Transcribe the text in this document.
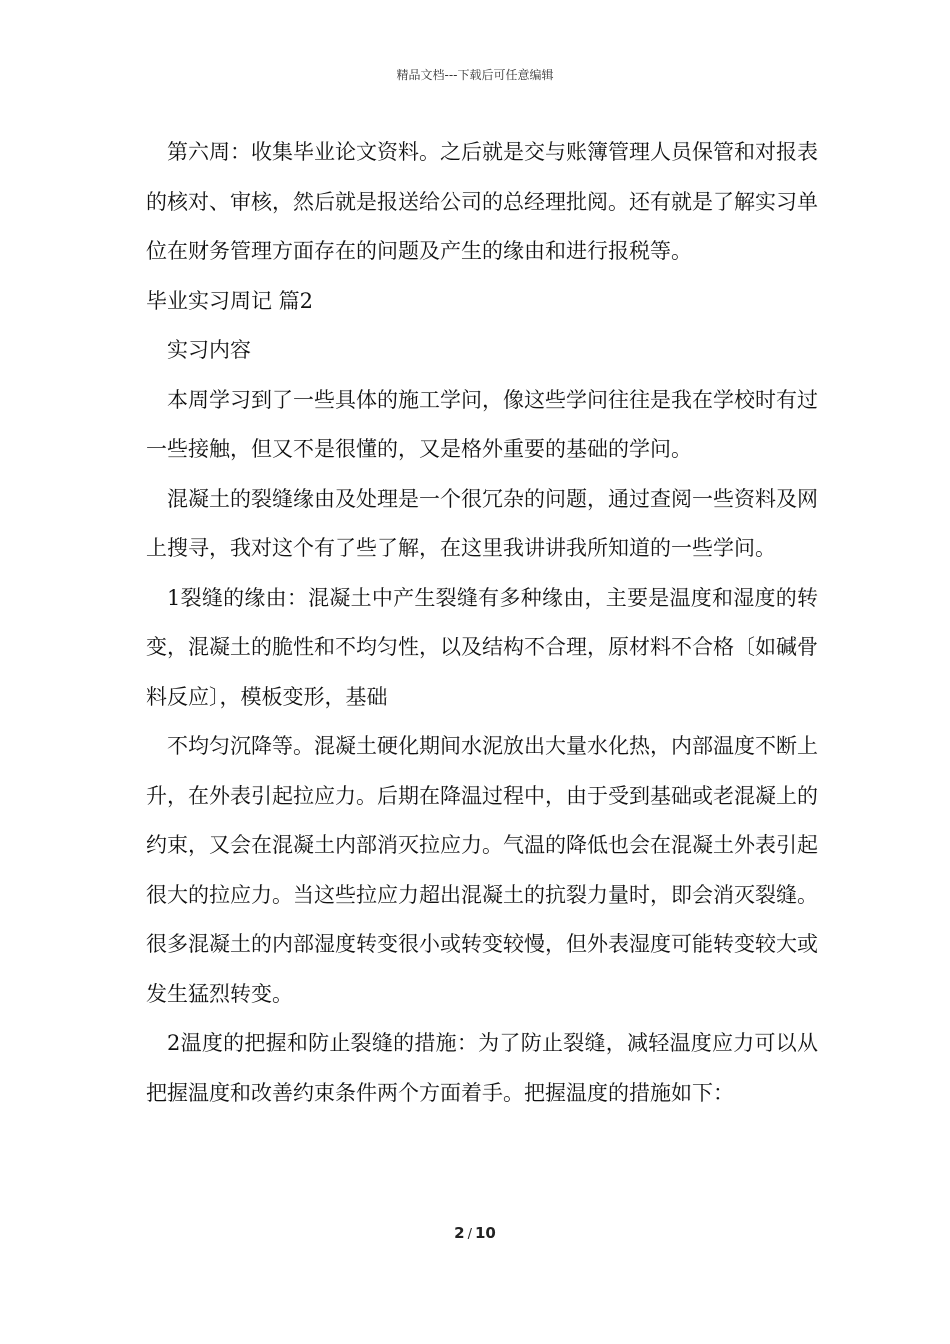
精品文档---下载后可任意编辑

第六周：收集毕业论文资料。之后就是交与账簿管理人员保管和对报表的核对、审核，然后就是报送给公司的总经理批阅。还有就是了解实习单位在财务管理方面存在的问题及产生的缘由和进行报税等。

毕业实习周记 篇2

实习内容

本周学习到了一些具体的施工学问，像这些学问往往是我在学校时有过一些接触，但又不是很懂的，又是格外重要的基础的学问。

混凝土的裂缝缘由及处理是一个很冗杂的问题，通过查阅一些资料及网上搜寻，我对这个有了些了解，在这里我讲讲我所知道的一些学问。

1裂缝的缘由：混凝土中产生裂缝有多种缘由，主要是温度和湿度的转变，混凝土的脆性和不均匀性，以及结构不合理，原材料不合格〔如碱骨料反应〕，模板变形，基础

不均匀沉降等。混凝土硬化期间水泥放出大量水化热，内部温度不断上升，在外表引起拉应力。后期在降温过程中，由于受到基础或老混凝上的约束，又会在混凝土内部消灭拉应力。气温的降低也会在混凝土外表引起很大的拉应力。当这些拉应力超出混凝土的抗裂力量时，即会消灭裂缝。很多混凝土的内部湿度转变很小或转变较慢，但外表湿度可能转变较大或发生猛烈转变。

2温度的把握和防止裂缝的措施：为了防止裂缝，减轻温度应力可以从把握温度和改善约束条件两个方面着手。把握温度的措施如下：

2 / 10
